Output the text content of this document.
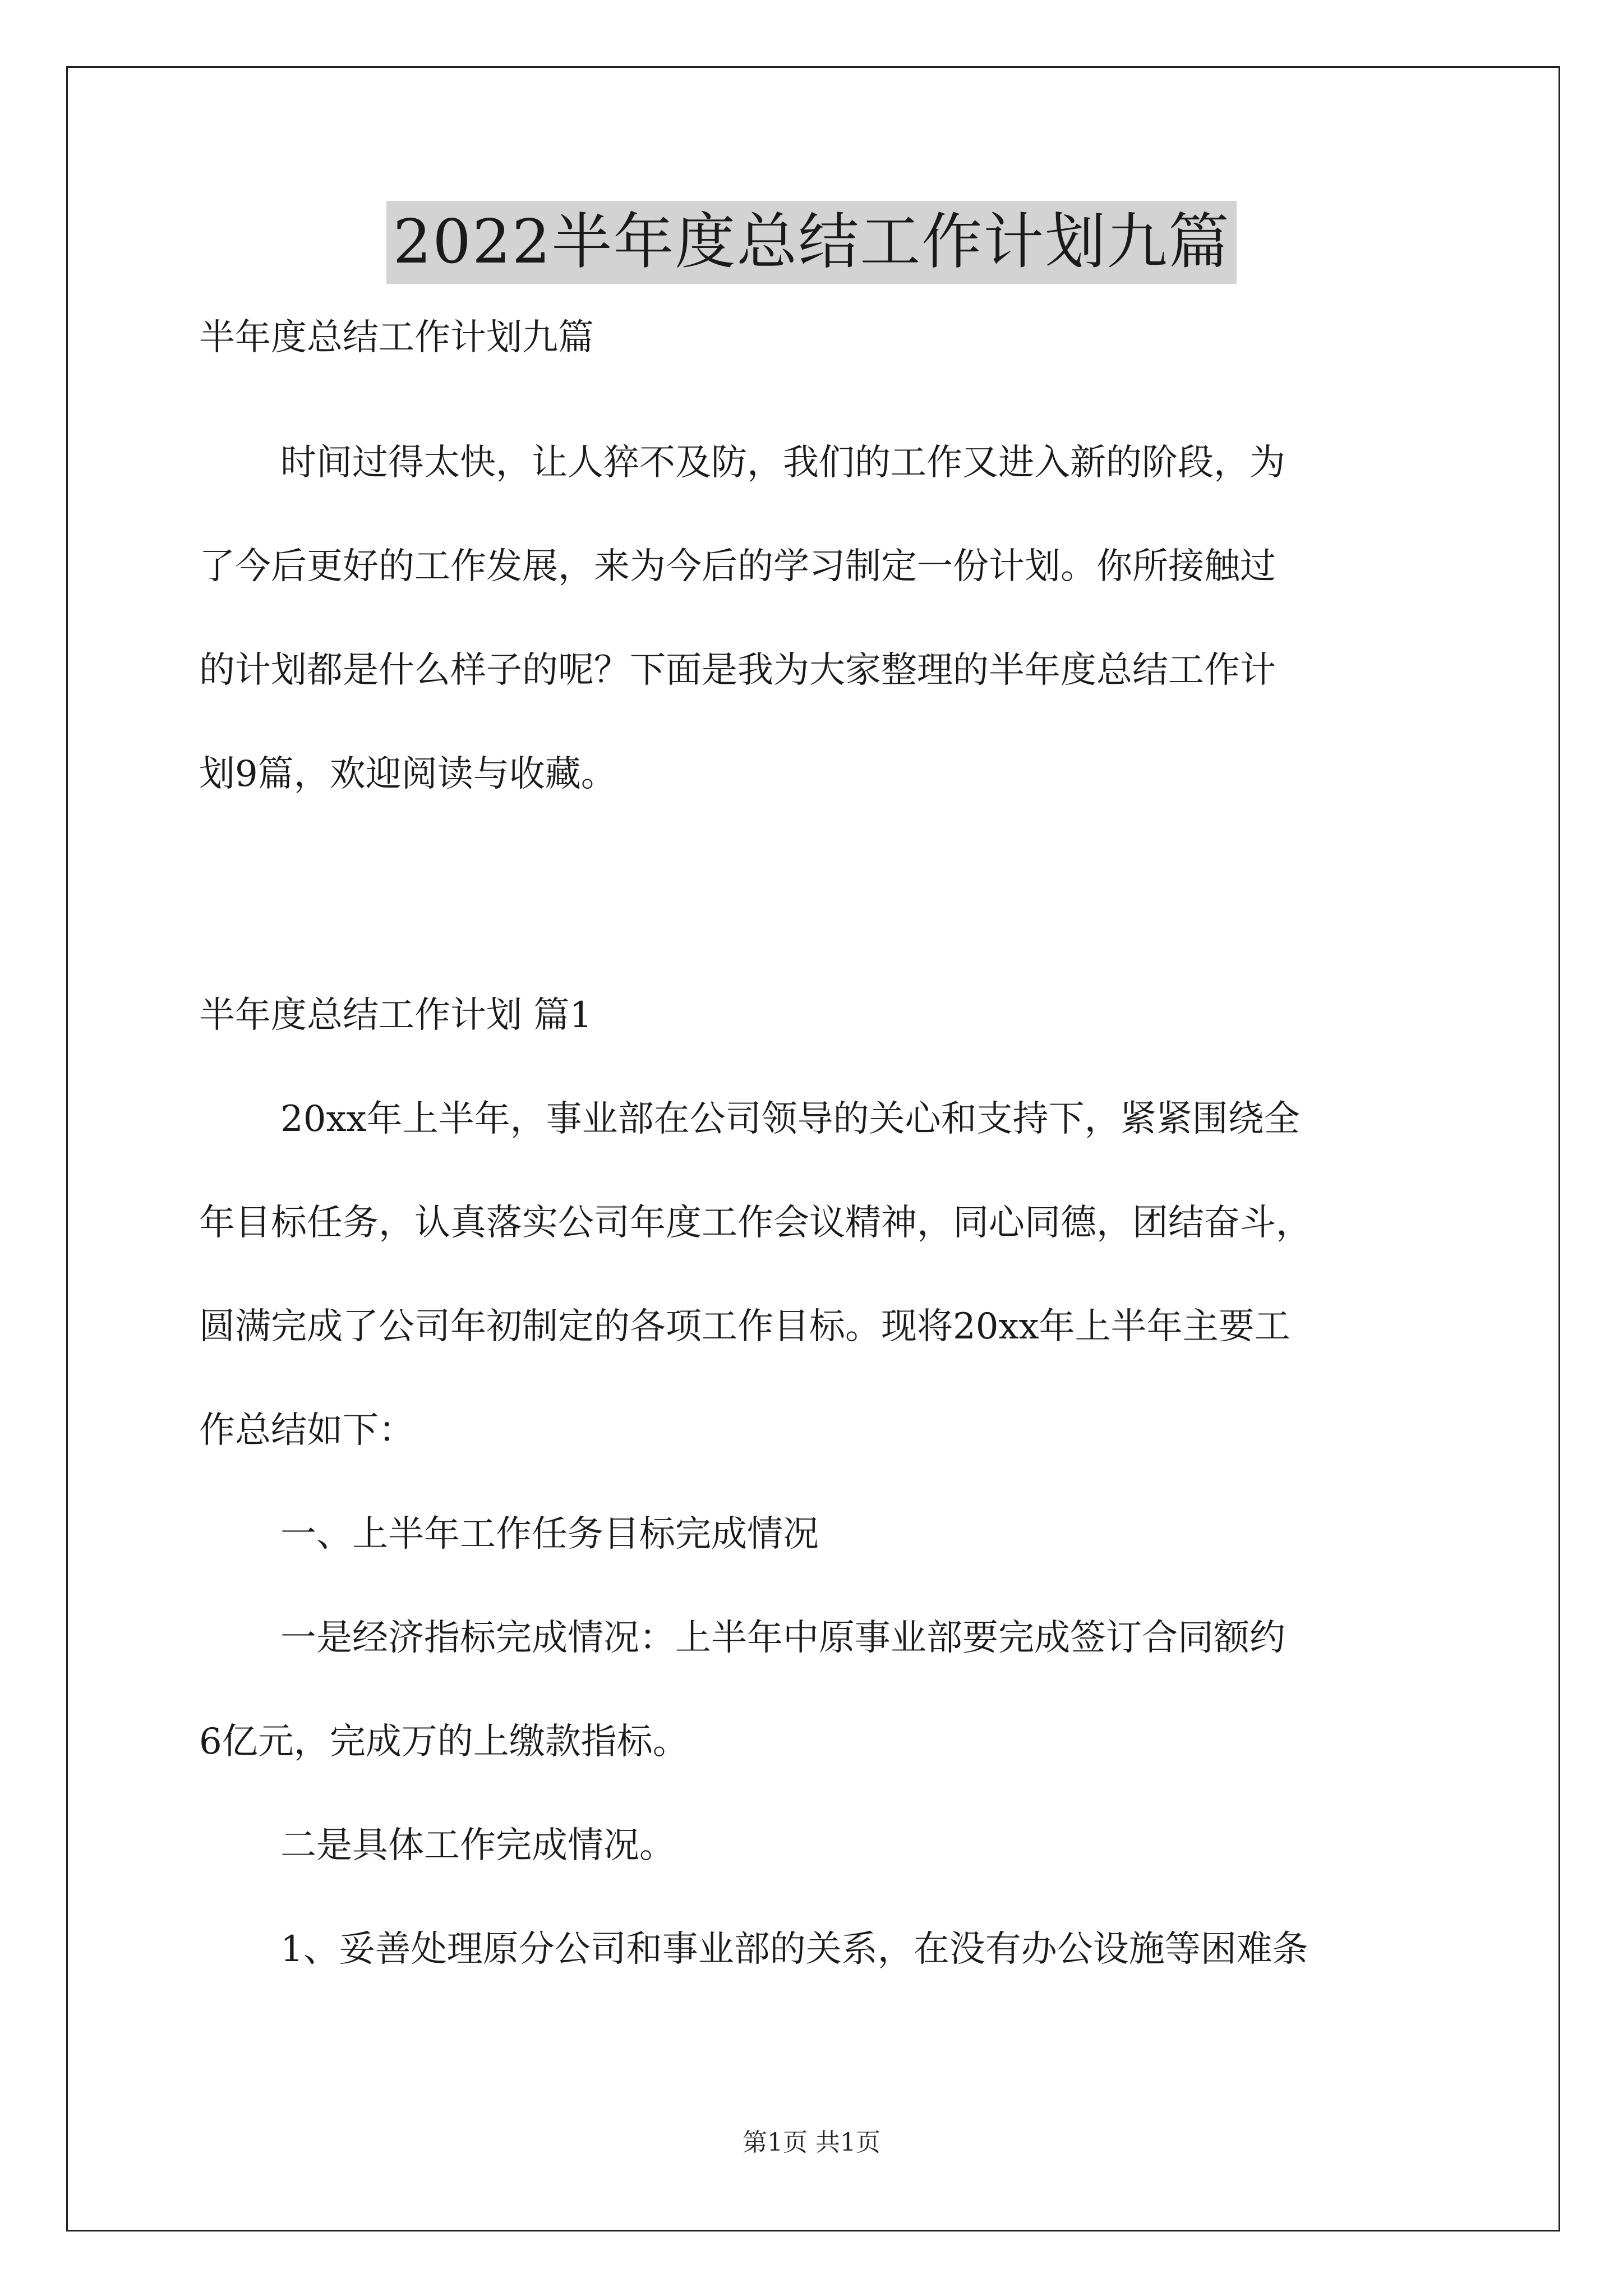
2022半年度总结工作计划九篇
半年度总结工作计划九篇
时间过得太快，让人猝不及防，我们的工作又进入新的阶段，为
了今后更好的工作发展，来为今后的学习制定一份计划。你所接触过
的计划都是什么样子的呢？下面是我为大家整理的半年度总结工作计
划9篇，欢迎阅读与收藏。
半年度总结工作计划 篇1
20xx年上半年，事业部在公司领导的关心和支持下，紧紧围绕全
年目标任务，认真落实公司年度工作会议精神，同心同德，团结奋斗，
圆满完成了公司年初制定的各项工作目标。现将20xx年上半年主要工
作总结如下：
一、上半年工作任务目标完成情况
一是经济指标完成情况：上半年中原事业部要完成签订合同额约
6亿元，完成万的上缴款指标。
二是具体工作完成情况。
1、妥善处理原分公司和事业部的关系，在没有办公设施等困难条
第1页 共1页
